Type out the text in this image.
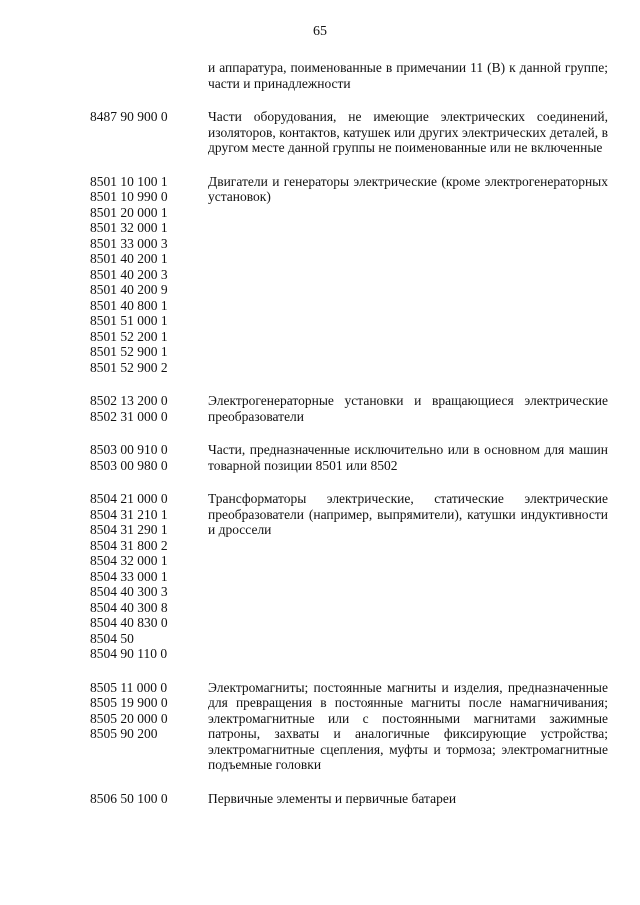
65
и аппаратура, поименованные в примечании 11 (В) к данной группе; части и принадлежности
8487 90 900 0	Части оборудования, не имеющие электрических соединений, изоляторов, контактов, катушек или других электрических деталей, в другом месте данной группы не поименованные или не включенные
8501 10 100 1
8501 10 990 0
8501 20 000 1
8501 32 000 1
8501 33 000 3
8501 40 200 1
8501 40 200 3
8501 40 200 9
8501 40 800 1
8501 51 000 1
8501 52 200 1
8501 52 900 1
8501 52 900 2
Двигатели и генераторы электрические (кроме электрогенераторных установок)
8502 13 200 0
8502 31 000 0
Электрогенераторные установки и вращающиеся электрические преобразователи
8503 00 910 0
8503 00 980 0
Части, предназначенные исключительно или в основном для машин товарной позиции 8501 или 8502
8504 21 000 0
8504 31 210 1
8504 31 290 1
8504 31 800 2
8504 32 000 1
8504 33 000 1
8504 40 300 3
8504 40 300 8
8504 40 830 0
8504 50
8504 90 110 0
Трансформаторы электрические, статические электрические преобразователи (например, выпрямители), катушки индуктивности и дроссели
8505 11 000 0
8505 19 900 0
8505 20 000 0
8505 90 200
Электромагниты; постоянные магниты и изделия, предназначенные для превращения в постоянные магниты после намагничивания; электромагнитные или с постоянными магнитами зажимные патроны, захваты и аналогичные фиксирующие устройства; электромагнитные сцепления, муфты и тормоза; электромагнитные подъемные головки
8506 50 100 0	Первичные элементы и первичные батареи
